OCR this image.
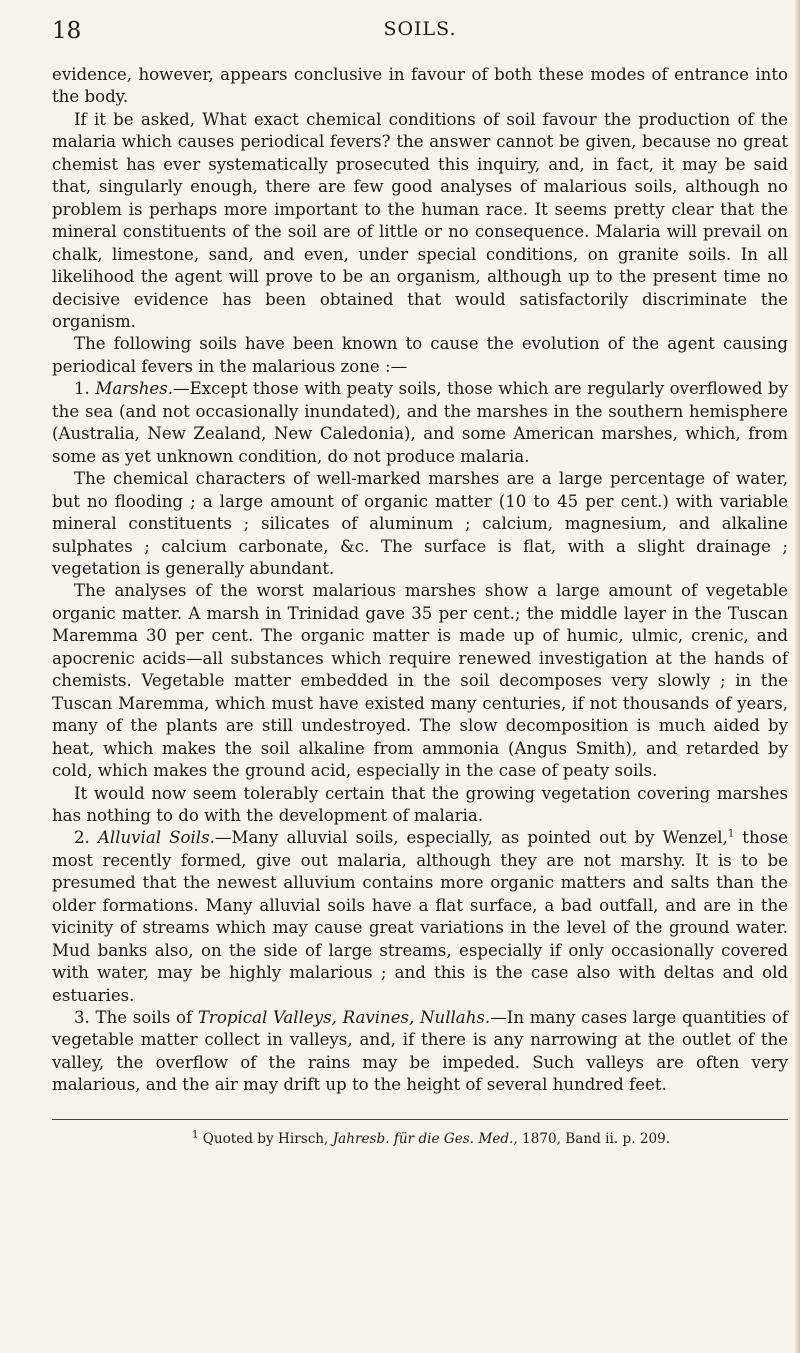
18	SOILS.

evidence, however, appears conclusive in favour of both these modes of entrance into the body.

If it be asked, What exact chemical conditions of soil favour the production of the malaria which causes periodical fevers? the answer cannot be given, because no great chemist has ever systematically prosecuted this inquiry, and, in fact, it may be said that, singularly enough, there are few good analyses of malarious soils, although no problem is perhaps more important to the human race. It seems pretty clear that the mineral constituents of the soil are of little or no consequence. Malaria will prevail on chalk, limestone, sand, and even, under special conditions, on granite soils. In all likelihood the agent will prove to be an organism, although up to the present time no decisive evidence has been obtained that would satisfactorily discriminate the organism.

The following soils have been known to cause the evolution of the agent causing periodical fevers in the malarious zone :—

1. Marshes.—Except those with peaty soils, those which are regularly overflowed by the sea (and not occasionally inundated), and the marshes in the southern hemisphere (Australia, New Zealand, New Caledonia), and some American marshes, which, from some as yet unknown condition, do not produce malaria.

The chemical characters of well-marked marshes are a large percentage of water, but no flooding ; a large amount of organic matter (10 to 45 per cent.) with variable mineral constituents ; silicates of aluminum ; calcium, magnesium, and alkaline sulphates ; calcium carbonate, &c. The surface is flat, with a slight drainage ; vegetation is generally abundant.

The analyses of the worst malarious marshes show a large amount of vegetable organic matter. A marsh in Trinidad gave 35 per cent.; the middle layer in the Tuscan Maremma 30 per cent. The organic matter is made up of humic, ulmic, crenic, and apocrenic acids—all substances which require renewed investigation at the hands of chemists. Vegetable matter embedded in the soil decomposes very slowly ; in the Tuscan Maremma, which must have existed many centuries, if not thousands of years, many of the plants are still undestroyed. The slow decomposition is much aided by heat, which makes the soil alkaline from ammonia (Angus Smith), and retarded by cold, which makes the ground acid, especially in the case of peaty soils.

It would now seem tolerably certain that the growing vegetation covering marshes has nothing to do with the development of malaria.

2. Alluvial Soils.—Many alluvial soils, especially, as pointed out by Wenzel,$^1$ those most recently formed, give out malaria, although they are not marshy. It is to be presumed that the newest alluvium contains more organic matters and salts than the older formations. Many alluvial soils have a flat surface, a bad outfall, and are in the vicinity of streams which may cause great variations in the level of the ground water. Mud banks also, on the side of large streams, especially if only occasionally covered with water, may be highly malarious ; and this is the case also with deltas and old estuaries.

3. The soils of Tropical Valleys, Ravines, Nullahs.—In many cases large quantities of vegetable matter collect in valleys, and, if there is any narrowing at the outlet of the valley, the overflow of the rains may be impeded. Such valleys are often very malarious, and the air may drift up to the height of several hundred feet.

$^1$ Quoted by Hirsch, Jahresb. für die Ges. Med., 1870, Band ii. p. 209.
